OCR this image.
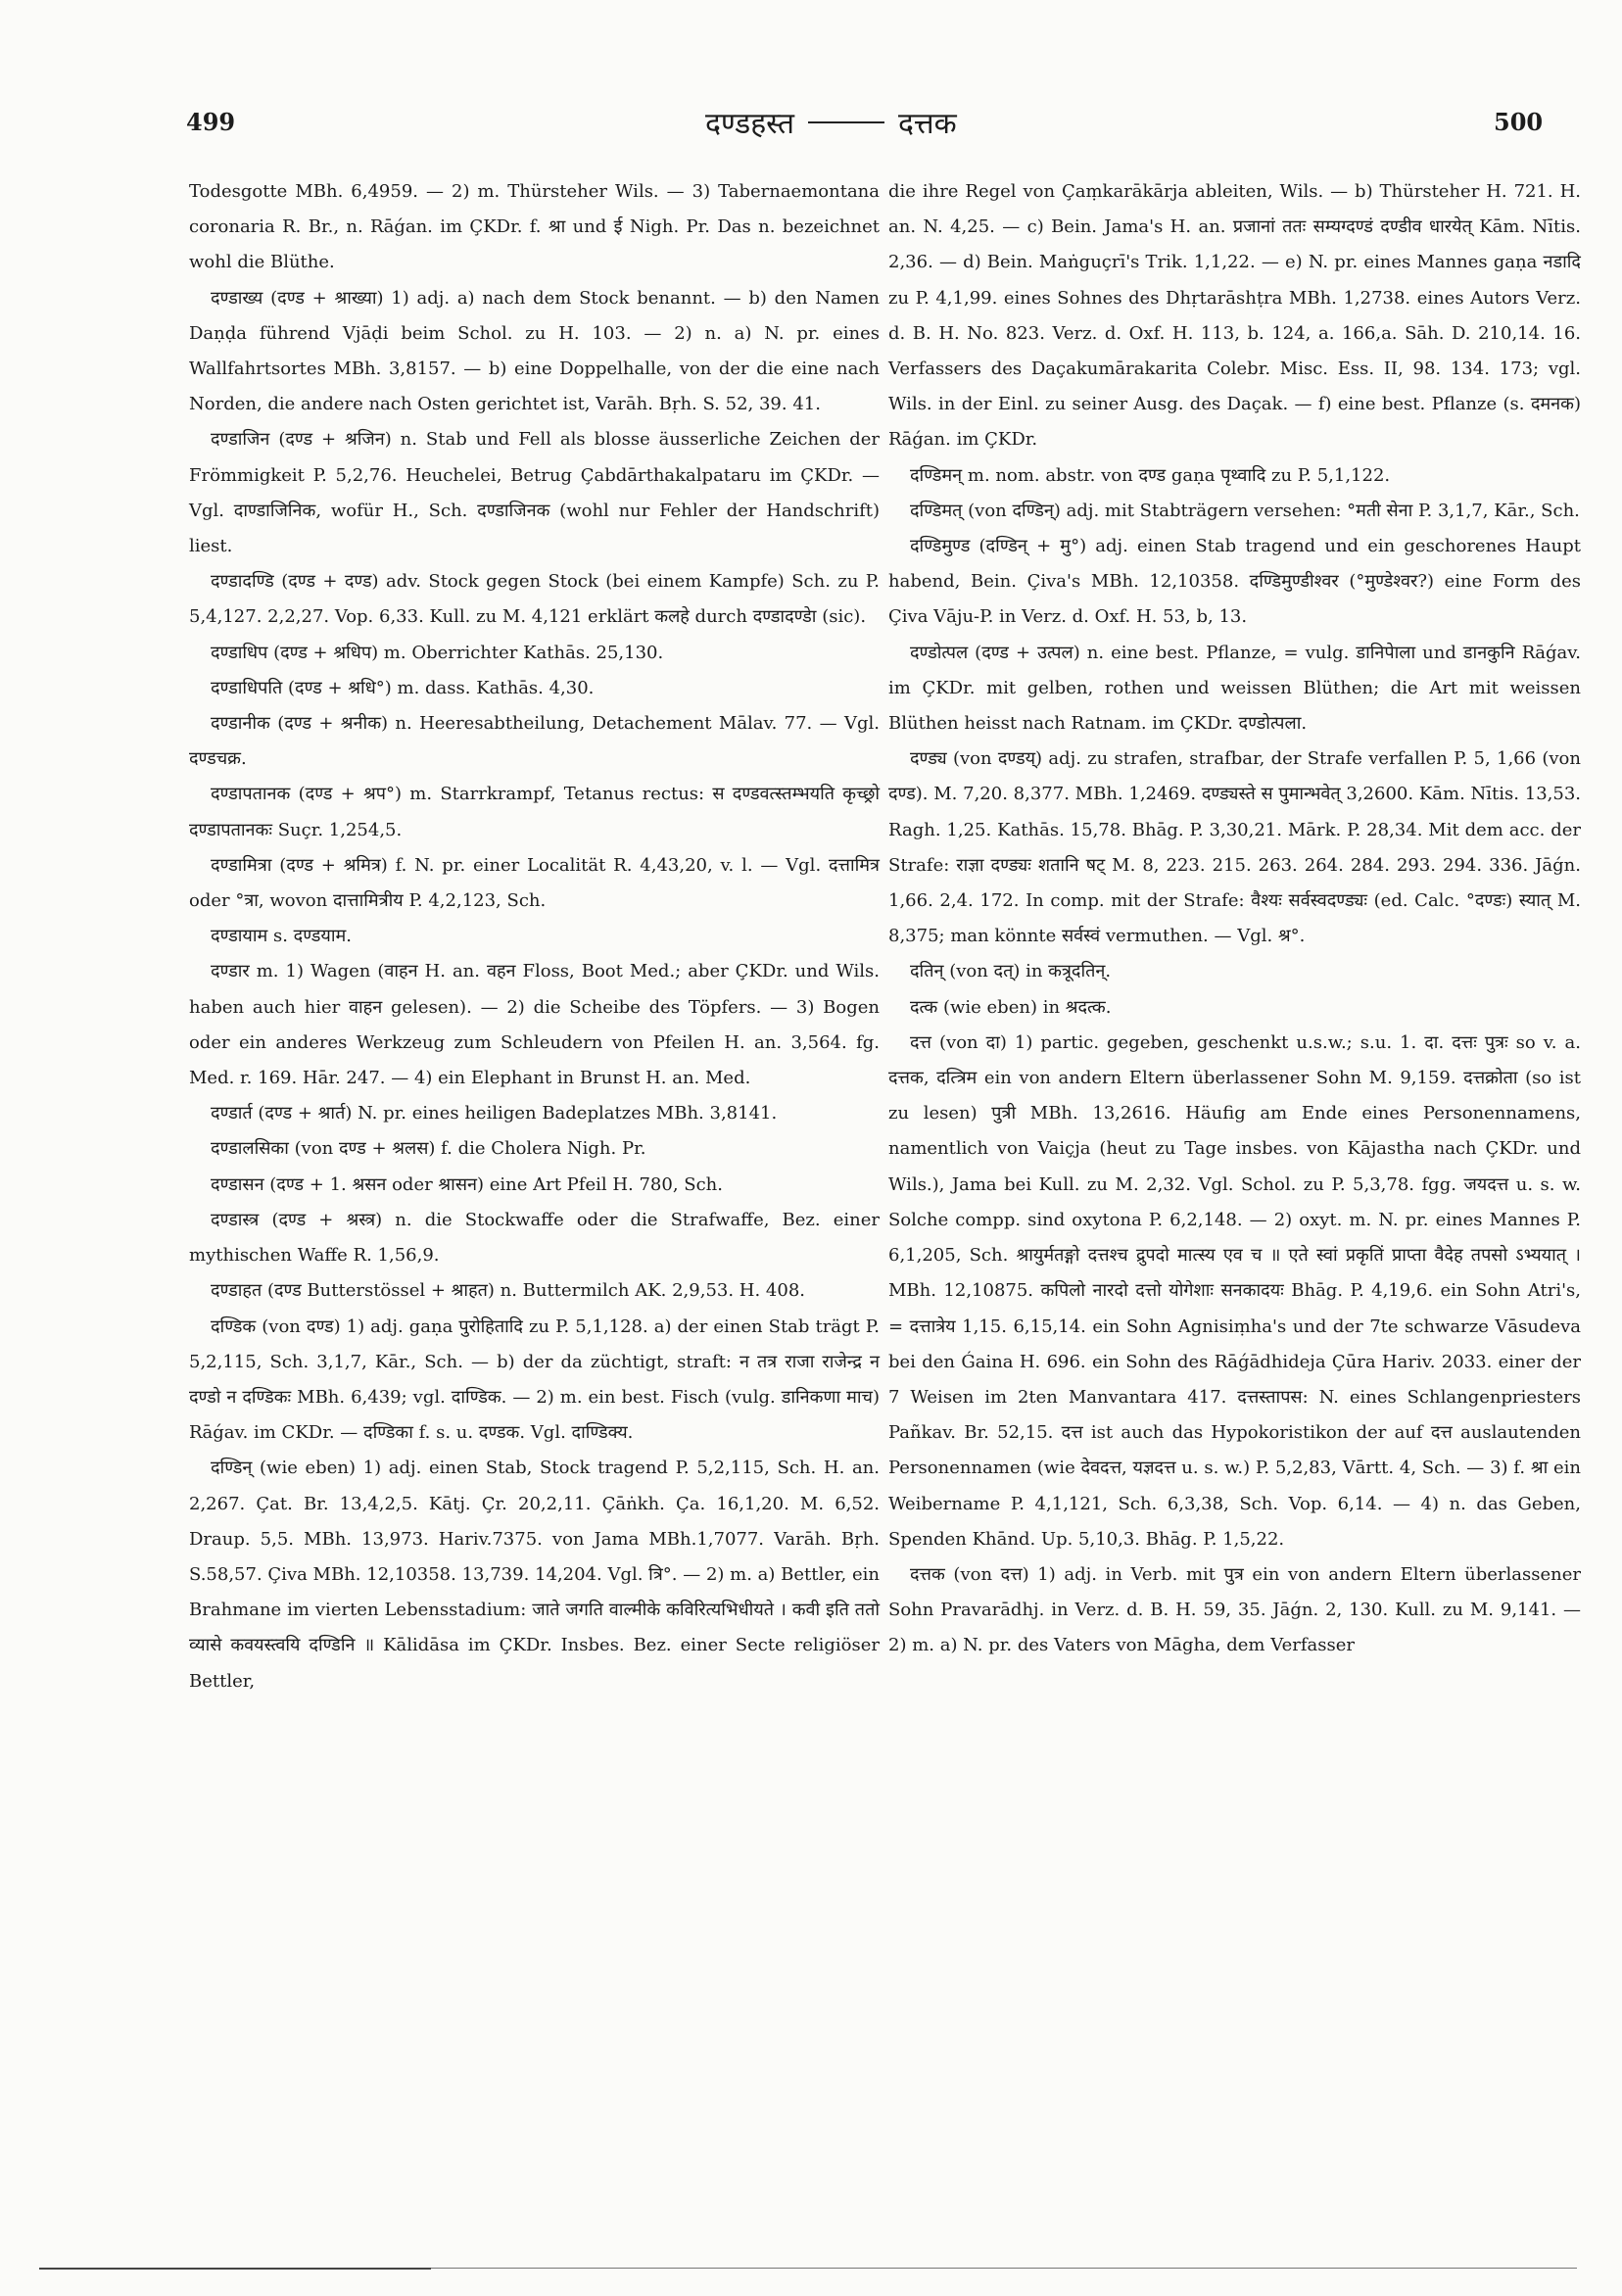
499	दण्डहस्त	दत्तक	500

Todesgotte MBh. 6,4959. — 2) m. Thürsteher Wils. — 3) Tabernaemontana coronaria R. Br., n. Rāǵan. im ÇKDr. f. श्रा und ई Nigh. Pr. Das n. bezeichnet wohl die Blüthe.

दण्डाख्य (दण्ड + श्राख्या) 1) adj. a) nach dem Stock benannt. — b) den Namen Daṇḍa führend Vjāḍi beim Schol. zu H. 103. — 2) n. a) N. pr. eines Wallfahrtsortes MBh. 3,8157. — b) eine Doppelhalle, von der die eine nach Norden, die andere nach Osten gerichtet ist, Varāh. Bṛh. S. 52, 39. 41.

दण्डाजिन (दण्ड + श्रजिन) n. Stab und Fell als blosse äusserliche Zeichen der Frömmigkeit P. 5,2,76. Heuchelei, Betrug Çabdārthakalpataru im ÇKDr. — Vgl. दाण्डाजिनिक, wofür H., Sch. दण्डाजिनक (wohl nur Fehler der Handschrift) liest.

दण्डादण्डि (दण्ड + दण्ड) adv. Stock gegen Stock (bei einem Kampfe) Sch. zu P. 5,4,127. 2,2,27. Vop. 6,33. Kull. zu M. 4,121 erklärt कलहे durch दण्डादण्डेा (sic).

दण्डाधिप (दण्ड + श्रधिप) m. Oberrichter Kathās. 25,130.

दण्डाधिपति (दण्ड + श्रधि°) m. dass. Kathās. 4,30.

दण्डानीक (दण्ड + श्रनीक) n. Heeresabtheilung, Detachement Mālav. 77. — Vgl. दण्डचक्र.

दण्डापतानक (दण्ड + श्रप°) m. Starrkrampf, Tetanus rectus: स दण्डवत्स्तम्भयति कृच्छ्रो दण्डापतानकः Suçr. 1,254,5.

दण्डामित्रा (दण्ड + श्रमित्र) f. N. pr. einer Localität R. 4,43,20, v. l. — Vgl. दत्तामित्र oder °त्रा, wovon दात्तामित्रीय P. 4,2,123, Sch.

दण्डायाम s. दण्डयाम.

दण्डार m. 1) Wagen (वाहन H. an. वहन Floss, Boot Med.; aber ÇKDr. und Wils. haben auch hier वाहन gelesen). — 2) die Scheibe des Töpfers. — 3) Bogen oder ein anderes Werkzeug zum Schleudern von Pfeilen H. an. 3,564. fg. Med. r. 169. Hār. 247. — 4) ein Elephant in Brunst H. an. Med.

दण्डार्त (दण्ड + श्रार्त) N. pr. eines heiligen Badeplatzes MBh. 3,8141.

दण्डालसिका (von दण्ड + श्रलस) f. die Cholera Nigh. Pr.

दण्डासन (दण्ड + 1. श्रसन oder श्रासन) eine Art Pfeil H. 780, Sch.

दण्डास्त्र (दण्ड + श्रस्त्र) n. die Stockwaffe oder die Strafwaffe, Bez. einer mythischen Waffe R. 1,56,9.

दण्डाहत (दण्ड Butterstössel + श्राहत) n. Buttermilch AK. 2,9,53. H. 408.

दण्डिक (von दण्ड) 1) adj. gaṇa पुरोहितादि zu P. 5,1,128. a) der einen Stab trägt P. 5,2,115, Sch. 3,1,7, Kār., Sch. — b) der da züchtigt, straft: न तत्र राजा राजेन्द्र न दण्डो न दण्डिकः MBh. 6,439; vgl. दाण्डिक. — 2) m. ein best. Fisch (vulg. डानिकणा माच) Rāǵav. im CKDr. — दण्डिका f. s. u. दण्डक. Vgl. दाण्डिक्य.

दण्डिन् (wie eben) 1) adj. einen Stab, Stock tragend P. 5,2,115, Sch. H. an. 2,267. Çat. Br. 13,4,2,5. Kātj. Çr. 20,2,11. Çāṅkh. Ça. 16,1,20. M. 6,52. Draup. 5,5. MBh. 13,973. Hariv.7375. von Jama MBh.1,7077. Varāh. Bṛh. S.58,57. Çiva MBh. 12,10358. 13,739. 14,204. Vgl. त्रि°. — 2) m. a) Bettler, ein Brahmane im vierten Lebensstadium: जाते जगति वाल्मीके कविरित्यभिधीयते । कवी इति ततो व्यासे कवयस्त्वयि दण्डिनि ॥ Kālidāsa im ÇKDr. Insbes. Bez. einer Secte religiöser Bettler,

die ihre Regel von Çaṃkarākārja ableiten, Wils. — b) Thürsteher H. 721. H. an. N. 4,25. — c) Bein. Jama's H. an. प्रजानां ततः सम्यग्दण्डं दण्डीव धारयेत् Kām. Nītis. 2,36. — d) Bein. Maṅguçrī's Trik. 1,1,22. — e) N. pr. eines Mannes gaṇa नडादि zu P. 4,1,99. eines Sohnes des Dhṛtarāshṭra MBh. 1,2738. eines Autors Verz. d. B. H. No. 823. Verz. d. Oxf. H. 113, b. 124, a. 166,a. Sāh. D. 210,14. 16. Verfassers des Daçakumārakarita Colebr. Misc. Ess. II, 98. 134. 173; vgl. Wils. in der Einl. zu seiner Ausg. des Daçak. — f) eine best. Pflanze (s. दमनक) Rāǵan. im ÇKDr.

दण्डिमन् m. nom. abstr. von दण्ड gaṇa पृथ्वादि zu P. 5,1,122.

दण्डिमत् (von दण्डिन्) adj. mit Stabträgern versehen: °मती सेना P. 3,1,7, Kār., Sch.

दण्डिमुण्ड (दण्डिन् + मु°) adj. einen Stab tragend und ein geschorenes Haupt habend, Bein. Çiva's MBh. 12,10358. दण्डिमुण्डीश्वर (°मुण्डेश्वर?) eine Form des Çiva Vāju-P. in Verz. d. Oxf. H. 53, b, 13.

दण्डोत्पल (दण्ड + उत्पल) n. eine best. Pflanze, = vulg. डानिपेाला und डानकुनि Rāǵav. im ÇKDr. mit gelben, rothen und weissen Blüthen; die Art mit weissen Blüthen heisst nach Ratnam. im ÇKDr. दण्डोत्पला.

दण्ड्य (von दण्डय्) adj. zu strafen, strafbar, der Strafe verfallen P. 5, 1,66 (von दण्ड). M. 7,20. 8,377. MBh. 1,2469. दण्ड्यस्ते स पुमान्भवेत् 3,2600. Kām. Nītis. 13,53. Ragh. 1,25. Kathās. 15,78. Bhāg. P. 3,30,21. Mārk. P. 28,34. Mit dem acc. der Strafe: राज्ञा दण्ड्यः शतानि षट् M. 8, 223. 215. 263. 264. 284. 293. 294. 336. Jāǵn. 1,66. 2,4. 172. In comp. mit der Strafe: वैश्यः सर्वस्वदण्ड्यः (ed. Calc. °दण्डः) स्यात् M. 8,375; man könnte सर्वस्वं vermuthen. — Vgl. श्र°.

दतिन् (von दत्) in कत्रूदतिन्.

दत्क (wie eben) in श्रदत्क.

दत्त (von दा) 1) partic. gegeben, geschenkt u.s.w.; s.u. 1. दा. दत्तः पुत्रः so v. a. दत्तक, दत्त्रिम ein von andern Eltern überlassener Sohn M. 9,159. दत्तक्रोता (so ist zu lesen) पुत्री MBh. 13,2616. Häufig am Ende eines Personennamens, namentlich von Vaiçja (heut zu Tage insbes. von Kājastha nach ÇKDr. und Wils.), Jama bei Kull. zu M. 2,32. Vgl. Schol. zu P. 5,3,78. fgg. जयदत्त u. s. w. Solche compp. sind oxytona P. 6,2,148. — 2) oxyt. m. N. pr. eines Mannes P. 6,1,205, Sch. श्रायुर्मतङ्गो दत्तश्च द्रुपदो मात्स्य एव च ॥ एते स्वां प्रकृतिं प्राप्ता वैदेह तपसो ऽभ्ययात् । MBh. 12,10875. कपिलो नारदो दत्तो योगेशाः सनकादयः Bhāg. P. 4,19,6. ein Sohn Atri's, = दत्तात्रेय 1,15. 6,15,14. ein Sohn Agnisiṃha's und der 7te schwarze Vāsudeva bei den Ǵaina H. 696. ein Sohn des Rāǵādhideja Çūra Hariv. 2033. einer der 7 Weisen im 2ten Manvantara 417. दत्तस्तापस: N. eines Schlangenpriesters Pañkav. Br. 52,15. दत्त ist auch das Hypokoristikon der auf दत्त auslautenden Personennamen (wie देवदत्त, यज्ञदत्त u. s. w.) P. 5,2,83, Vārtt. 4, Sch. — 3) f. श्रा ein Weibername P. 4,1,121, Sch. 6,3,38, Sch. Vop. 6,14. — 4) n. das Geben, Spenden Khānd. Up. 5,10,3. Bhāg. P. 1,5,22.

दत्तक (von दत्त) 1) adj. in Verb. mit पुत्र ein von andern Eltern überlassener Sohn Pravarādhj. in Verz. d. B. H. 59, 35. Jāǵn. 2, 130. Kull. zu M. 9,141. — 2) m. a) N. pr. des Vaters von Māgha, dem Verfasser
